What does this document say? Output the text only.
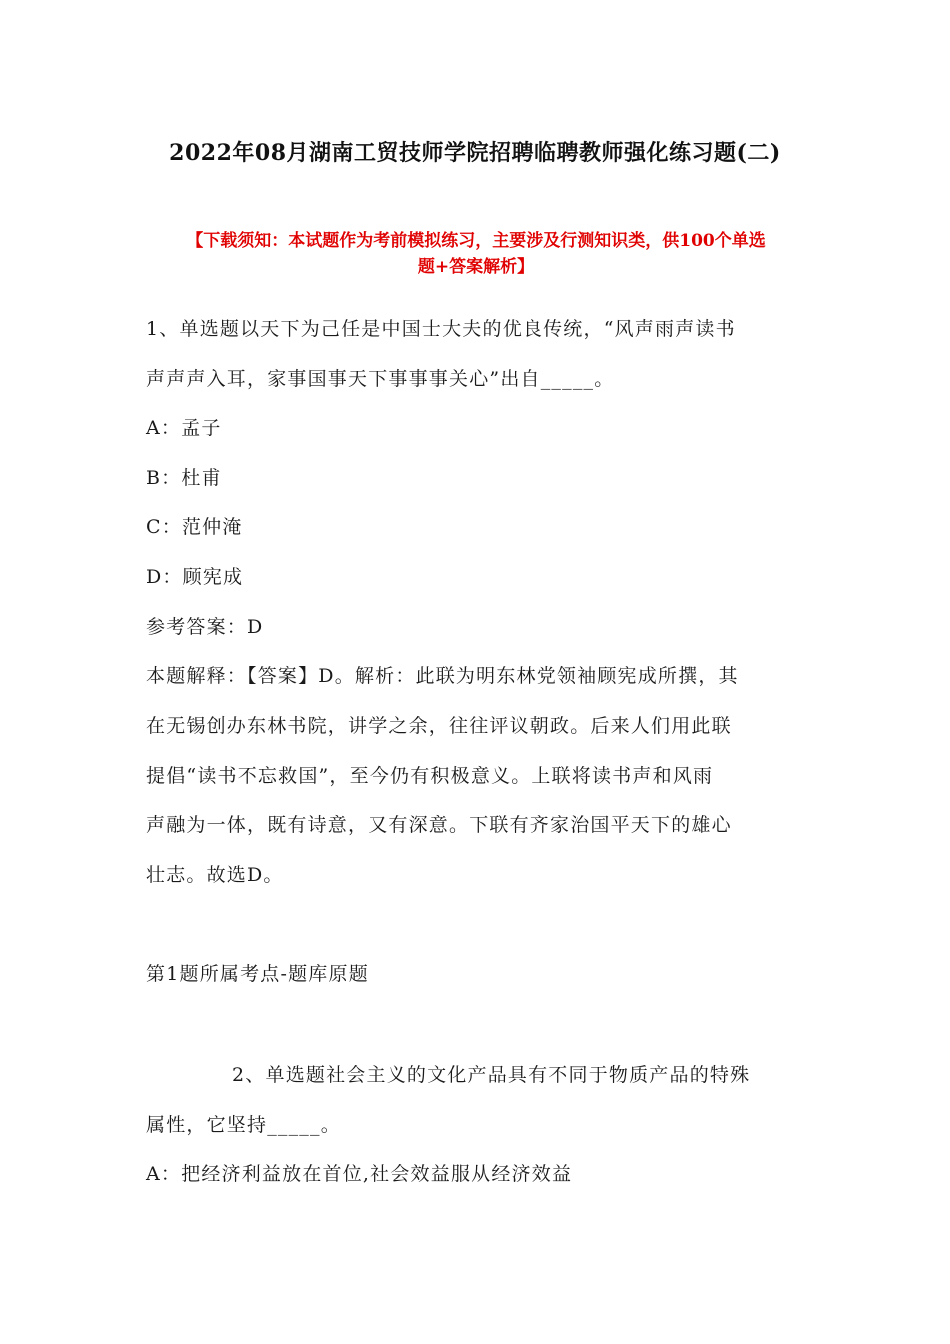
2022年08月湖南工贸技师学院招聘临聘教师强化练习题(二)
【下载须知：本试题作为考前模拟练习，主要涉及行测知识类，供100个单选
题+答案解析】
1、单选题以天下为己任是中国士大夫的优良传统，“风声雨声读书
声声声入耳，家事国事天下事事事关心”出自_____。
A：孟子
B：杜甫
C：范仲淹
D：顾宪成
参考答案：D
本题解释：【答案】D。解析：此联为明东林党领袖顾宪成所撰，其
在无锡创办东林书院，讲学之余，往往评议朝政。后来人们用此联
提倡“读书不忘救国”，至今仍有积极意义。上联将读书声和风雨
声融为一体，既有诗意，又有深意。下联有齐家治国平天下的雄心
壮志。故选D。
第1题所属考点-题库原题
2、单选题社会主义的文化产品具有不同于物质产品的特殊
属性，它坚持_____。
A：把经济利益放在首位,社会效益服从经济效益
